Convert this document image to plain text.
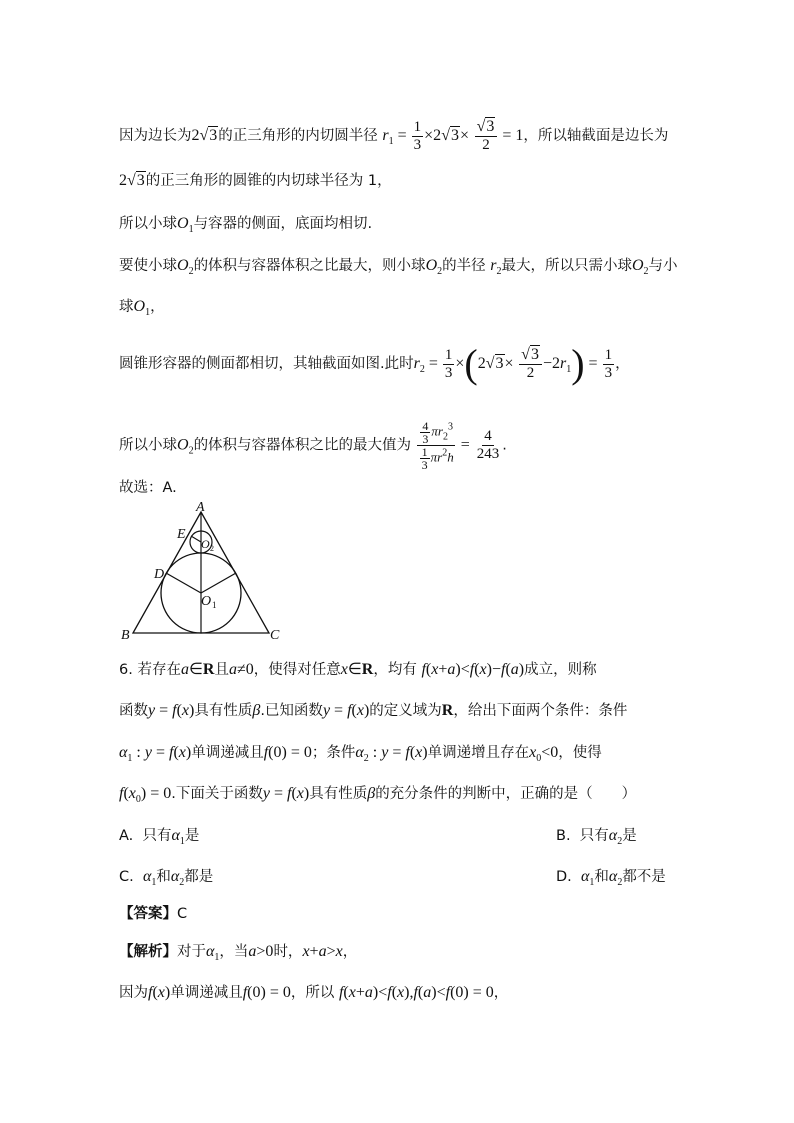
因为边长为2√3的正三角形的内切圆半径 $r_1 = \frac{1}{3} \times 2√3\times \frac{√3}{2} = 1$，所以轴截面是边长为
2√3的正三角形的圆锥的内切球半径为 1，
所以小球$O_1$与容器的侧面，底面均相切.
要使小球$O_2$的体积与容器体积之比最大，则小球$O_2$的半径 $r_2$最大，所以只需小球$O_2$与小
球$O_1$，
圆锥形容器的侧面都相切，其轴截面如图.此时$r_2 = \frac{1}{3} \times(2√3\times \frac{√3}{2} -2r_1) = \frac{1}{3}$ ，
所以小球$O_2$的体积与容器体积之比的最大值为 $\frac{\frac{4}{3} \pi r_2^3}{\frac{1}{3} \pi r^2h} = \frac{4}{243}$ .
故选：A.
A
B	C
D
E
O 1
O 2
6. 若存在a∈R且a≠0，使得对任意x∈R，均有 f(x+a)<f(x)−f(a)成立，则称
函数y = f(x)具有性质β.已知函数y = f(x)的定义域为R，给出下面两个条件：条件
$\alpha_1$ : y = f(x)单调递减且f(0) = 0；条件$\alpha_2$ : y = f(x)单调递增且存在$x_0<0$，使得
$f(x_0) = 0$.下面关于函数y = f(x)具有性质β的充分条件的判断中，正确的是（　　）
A. 只有$\alpha_1$是	B. 只有$\alpha_2$是
C. $\alpha_1$和$\alpha_2$都是	D. $\alpha_1$和$\alpha_2$都不是
【答案】C
【解析】对于$\alpha_1$，当a>0时，x+a>x，
因为f(x)单调递减且f(0) = 0，所以 f(x+a)<f(x),f(a)<f(0) = 0，
